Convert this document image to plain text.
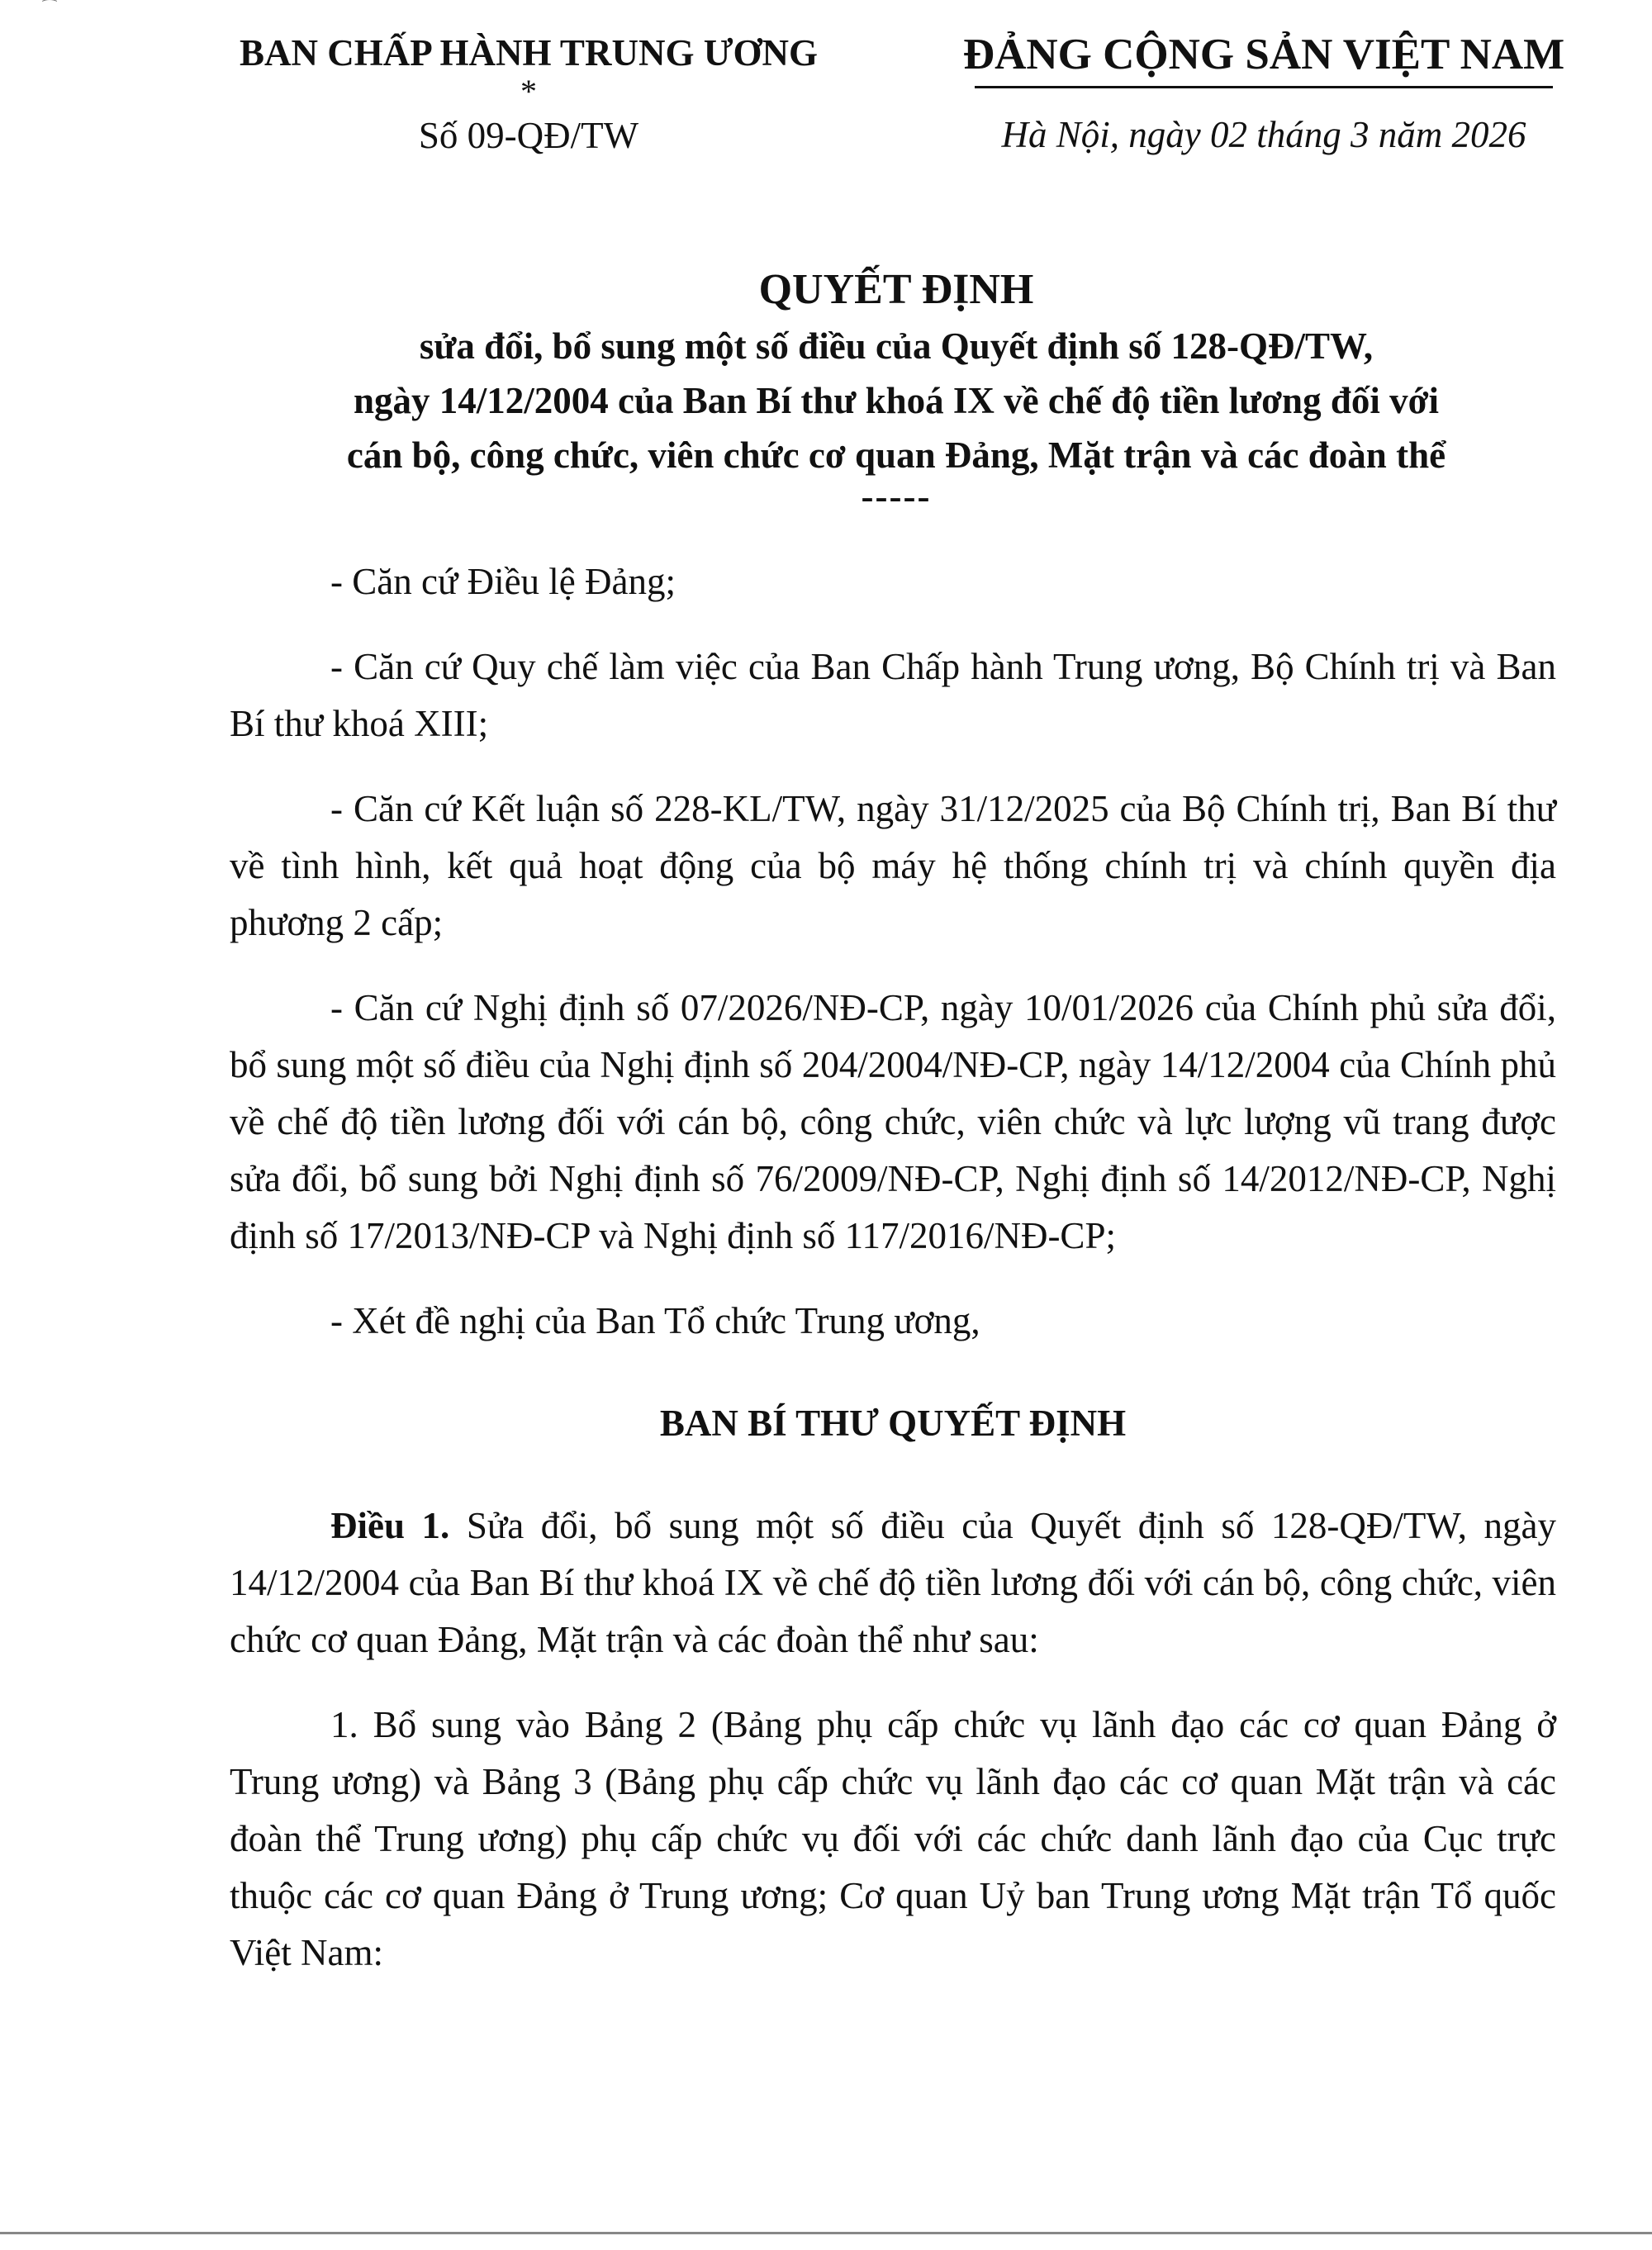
⁀
BAN CHẤP HÀNH TRUNG ƯƠNG
*
Số 09-QĐ/TW
ĐẢNG CỘNG SẢN VIỆT NAM
Hà Nội, ngày 02 tháng 3 năm 2026
QUYẾT ĐỊNH
sửa đổi, bổ sung một số điều của Quyết định số 128-QĐ/TW,
ngày 14/12/2004 của Ban Bí thư khoá IX về chế độ tiền lương đối với
cán bộ, công chức, viên chức cơ quan Đảng, Mặt trận và các đoàn thể
-----

- Căn cứ Điều lệ Đảng;

- Căn cứ Quy chế làm việc của Ban Chấp hành Trung ương, Bộ Chính trị và Ban Bí thư khoá XIII;

- Căn cứ Kết luận số 228-KL/TW, ngày 31/12/2025 của Bộ Chính trị, Ban Bí thư về tình hình, kết quả hoạt động của bộ máy hệ thống chính trị và chính quyền địa phương 2 cấp;

- Căn cứ Nghị định số 07/2026/NĐ-CP, ngày 10/01/2026 của Chính phủ sửa đổi, bổ sung một số điều của Nghị định số 204/2004/NĐ-CP, ngày 14/12/2004 của Chính phủ về chế độ tiền lương đối với cán bộ, công chức, viên chức và lực lượng vũ trang được sửa đổi, bổ sung bởi Nghị định số 76/2009/NĐ-CP, Nghị định số 14/2012/NĐ-CP, Nghị định số 17/2013/NĐ-CP và Nghị định số 117/2016/NĐ-CP;

- Xét đề nghị của Ban Tổ chức Trung ương,

BAN BÍ THƯ QUYẾT ĐỊNH

Điều 1. Sửa đổi, bổ sung một số điều của Quyết định số 128-QĐ/TW, ngày 14/12/2004 của Ban Bí thư khoá IX về chế độ tiền lương đối với cán bộ, công chức, viên chức cơ quan Đảng, Mặt trận và các đoàn thể như sau:

1. Bổ sung vào Bảng 2 (Bảng phụ cấp chức vụ lãnh đạo các cơ quan Đảng ở Trung ương) và Bảng 3 (Bảng phụ cấp chức vụ lãnh đạo các cơ quan Mặt trận và các đoàn thể Trung ương) phụ cấp chức vụ đối với các chức danh lãnh đạo của Cục trực thuộc các cơ quan Đảng ở Trung ương; Cơ quan Uỷ ban Trung ương Mặt trận Tổ quốc Việt Nam:
